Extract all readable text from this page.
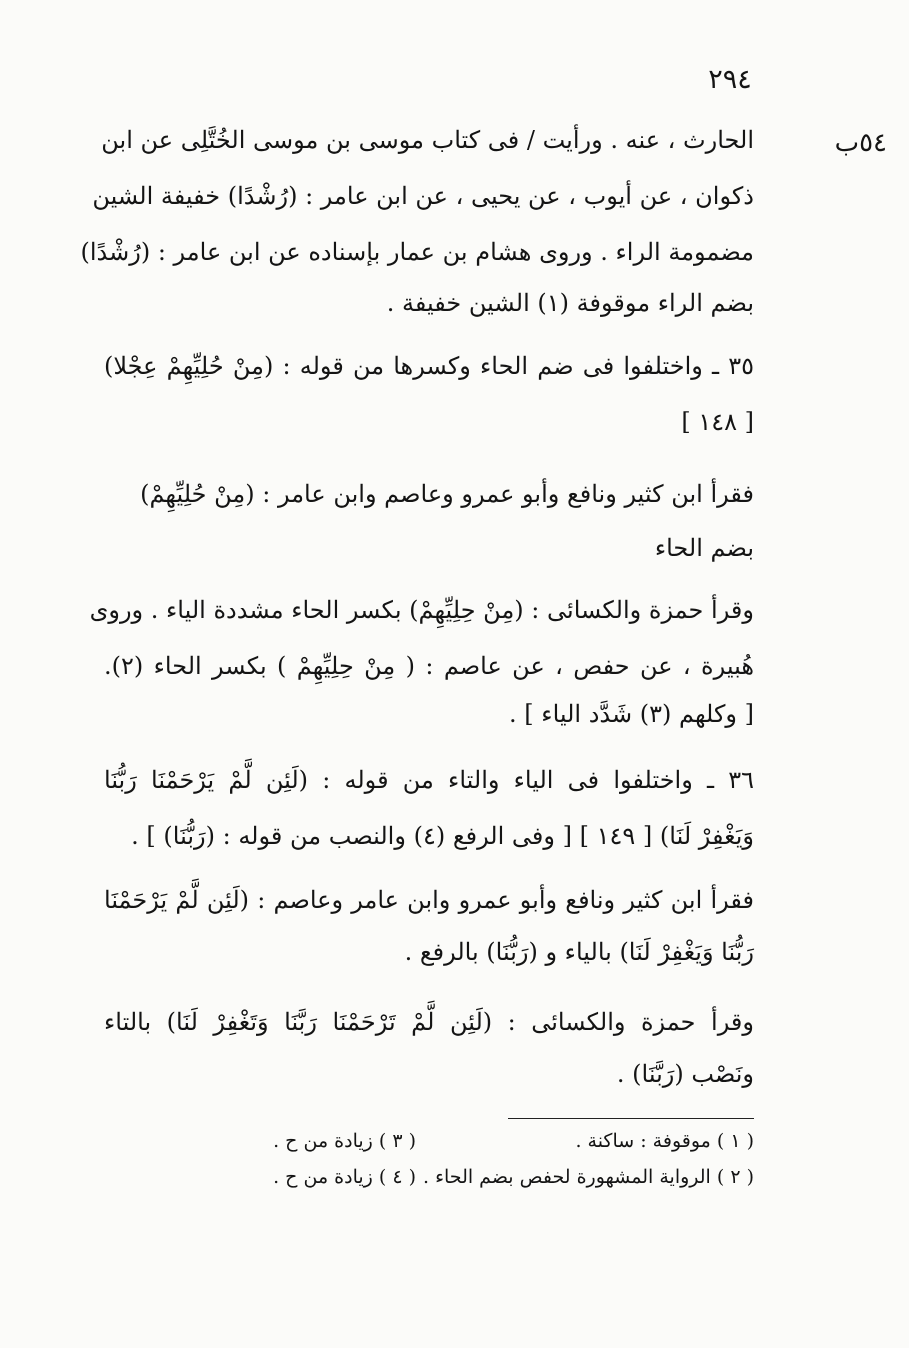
٢٩٤
٥٤ب
الحارث ، عنه . ورأيت / فى كتاب موسى بن موسى الخُتَّلِى عن ابن
ذكوان ، عن أيوب ، عن يحيى ، عن ابن عامر : (رُشْدًا) خفيفة الشين
مضمومة الراء . وروى هشام بن عمار بإسناده عن ابن عامر : (رُشْدًا)
بضم الراء موقوفة (١) الشين خفيفة .
٣٥ ـ واختلفوا فى ضم الحاء وكسرها من قوله : (مِنْ حُلِيِّهِمْ عِجْلا)
[ ١٤٨ ]
فقرأ ابن كثير ونافع وأبو عمرو وعاصم وابن عامر : (مِنْ حُلِيِّهِمْ)
بضم الحاء
وقرأ حمزة والكسائى : (مِنْ حِلِيِّهِمْ) بكسر الحاء مشددة الياء . وروى
هُبيرة ، عن حفص ، عن عاصم : ( مِنْ حِلِيِّهِمْ ) بكسر الحاء (٢).
[ وكلهم (٣) شَدَّد الياء ] .
٣٦ ـ واختلفوا فى الياء والتاء من قوله : (لَئِن لَّمْ يَرْحَمْنَا رَبُّنَا
وَيَغْفِرْ لَنَا) [ ١٤٩ ] [ وفى الرفع (٤) والنصب من قوله : (رَبُّنَا) ] .
فقرأ ابن كثير ونافع وأبو عمرو وابن عامر وعاصم : (لَئِن لَّمْ يَرْحَمْنَا
رَبُّنَا وَيَغْفِرْ لَنَا) بالياء و (رَبُّنَا) بالرفع .
وقرأ حمزة والكسائى : (لَئِن لَّمْ تَرْحَمْنَا رَبَّنَا وَتَغْفِرْ لَنَا) بالتاء
ونَصْب (رَبَّنَا) .
( ١ ) موقوفة : ساكنة .
( ٢ ) الرواية المشهورة لحفص بضم الحاء .
( ٣ ) زيادة من ح .
( ٤ ) زيادة من ح .
